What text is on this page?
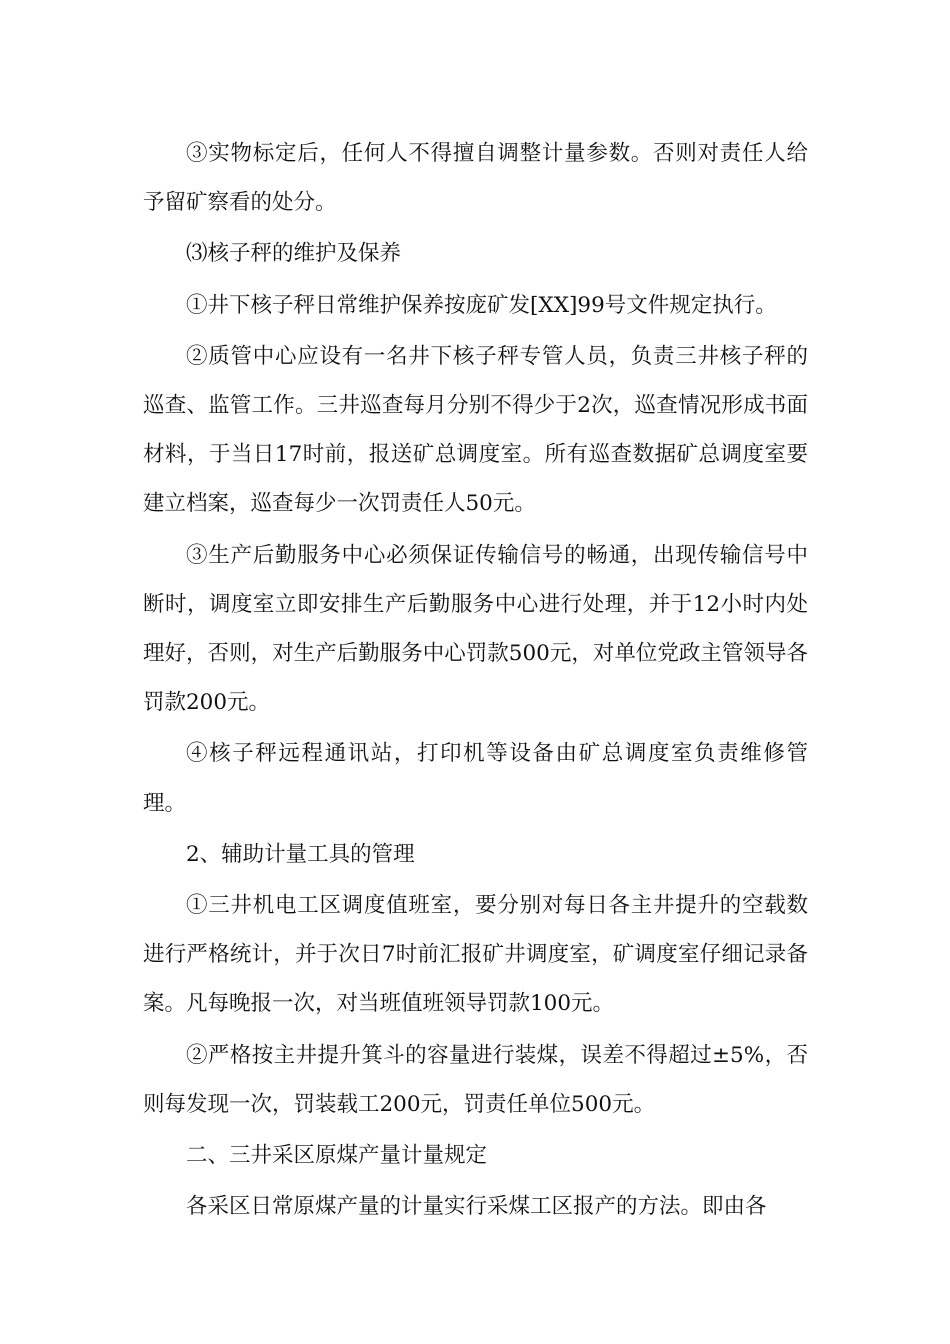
③实物标定后，任何人不得擅自调整计量参数。否则对责任人给予留矿察看的处分。

⑶核子秤的维护及保养

①井下核子秤日常维护保养按庞矿发[XX]99号文件规定执行。

②质管中心应设有一名井下核子秤专管人员，负责三井核子秤的巡查、监管工作。三井巡查每月分别不得少于2次，巡查情况形成书面材料，于当日17时前，报送矿总调度室。所有巡查数据矿总调度室要建立档案，巡查每少一次罚责任人50元。

③生产后勤服务中心必须保证传输信号的畅通，出现传输信号中断时，调度室立即安排生产后勤服务中心进行处理，并于12小时内处理好，否则，对生产后勤服务中心罚款500元，对单位党政主管领导各罚款200元。

④核子秤远程通讯站，打印机等设备由矿总调度室负责维修管理。

2、辅助计量工具的管理

①三井机电工区调度值班室，要分别对每日各主井提升的空载数进行严格统计，并于次日7时前汇报矿井调度室，矿调度室仔细记录备案。凡每晚报一次，对当班值班领导罚款100元。

②严格按主井提升箕斗的容量进行装煤，误差不得超过±5%，否则每发现一次，罚装载工200元，罚责任单位500元。

二、三井采区原煤产量计量规定

各采区日常原煤产量的计量实行采煤工区报产的方法。即由各
